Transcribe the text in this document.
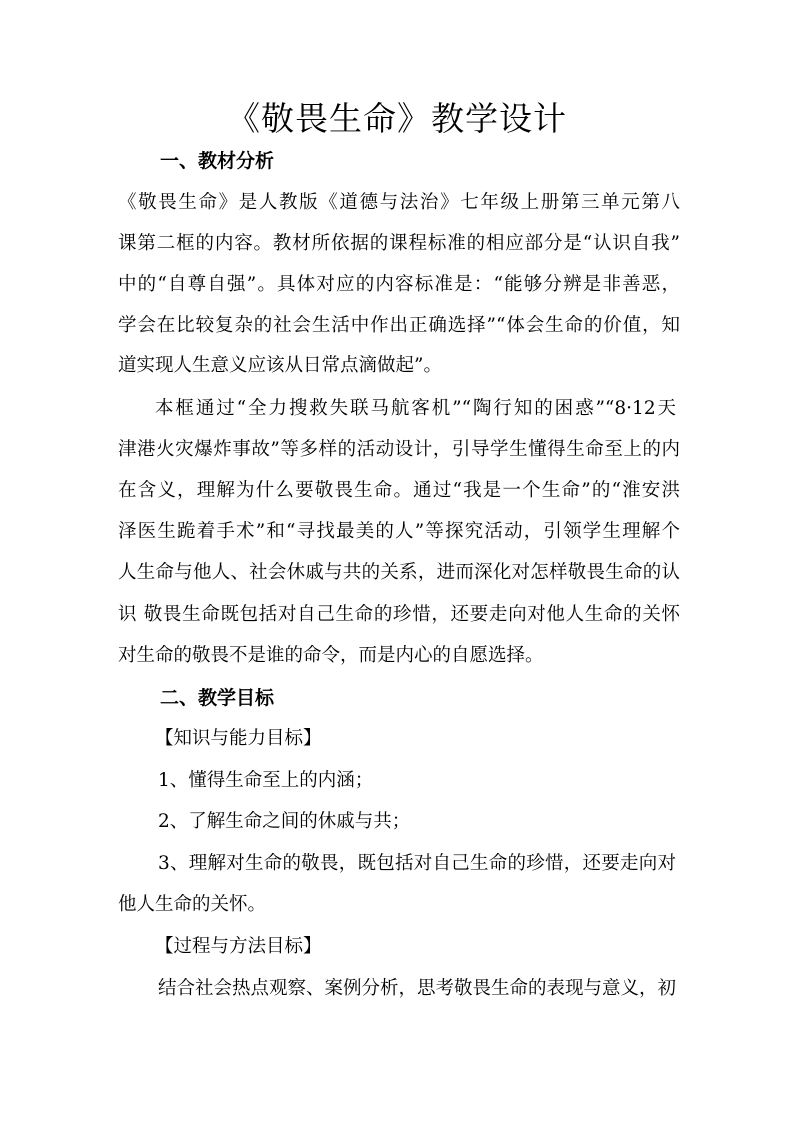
《敬畏生命》教学设计
一、教材分析
《敬畏生命》是人教版《道德与法治》七年级上册第三单元第八
课第二框的内容。教材所依据的课程标准的相应部分是“认识自我”
中的“自尊自强”。具体对应的内容标准是：“能够分辨是非善恶，
学会在比较复杂的社会生活中作出正确选择”“体会生命的价值，知
道实现人生意义应该从日常点滴做起”。
本框通过“全力搜救失联马航客机”“陶行知的困惑”“8·12天
津港火灾爆炸事故”等多样的活动设计，引导学生懂得生命至上的内
在含义，理解为什么要敬畏生命。通过“我是一个生命”的“淮安洪
泽医生跪着手术”和“寻找最美的人”等探究活动，引领学生理解个
人生命与他人、社会休戚与共的关系，进而深化对怎样敬畏生命的认
识 敬畏生命既包括对自己生命的珍惜，还要走向对他人生命的关怀
对生命的敬畏不是谁的命令，而是内心的自愿选择。
二、教学目标
【知识与能力目标】
1、懂得生命至上的内涵；
2、了解生命之间的休戚与共；
3、理解对生命的敬畏，既包括对自己生命的珍惜，还要走向对
他人生命的关怀。
【过程与方法目标】
结合社会热点观察、案例分析，思考敬畏生命的表现与意义，初
